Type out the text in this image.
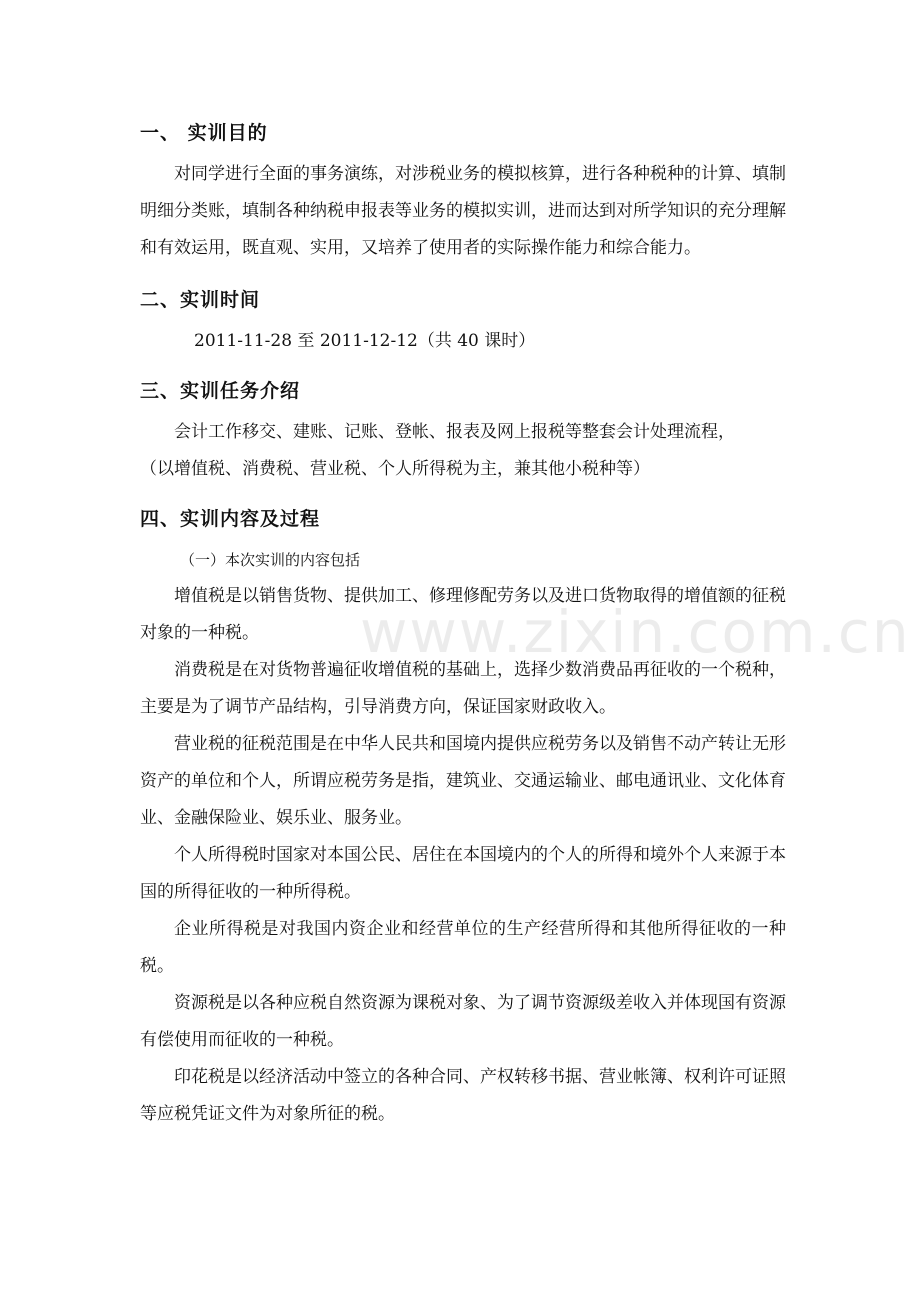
一、 实训目的

对同学进行全面的事务演练，对涉税业务的模拟核算，进行各种税种的计算、填制明细分类账，填制各种纳税申报表等业务的模拟实训，进而达到对所学知识的充分理解和有效运用，既直观、实用，又培养了使用者的实际操作能力和综合能力。

二、实训时间

2011-11-28 至 2011-12-12（共 40 课时）

三、实训任务介绍

会计工作移交、建账、记账、登帐、报表及网上报税等整套会计处理流程，

（以增值税、消费税、营业税、个人所得税为主，兼其他小税种等）

四、实训内容及过程

（一）本次实训的内容包括

增值税是以销售货物、提供加工、修理修配劳务以及进口货物取得的增值额的征税对象的一种税。

消费税是在对货物普遍征收增值税的基础上，选择少数消费品再征收的一个税种，主要是为了调节产品结构，引导消费方向，保证国家财政收入。

营业税的征税范围是在中华人民共和国境内提供应税劳务以及销售不动产转让无形资产的单位和个人，所谓应税劳务是指，建筑业、交通运输业、邮电通讯业、文化体育业、金融保险业、娱乐业、服务业。

个人所得税时国家对本国公民、居住在本国境内的个人的所得和境外个人来源于本国的所得征收的一种所得税。

企业所得税是对我国内资企业和经营单位的生产经营所得和其他所得征收的一种税。

资源税是以各种应税自然资源为课税对象、为了调节资源级差收入并体现国有资源有偿使用而征收的一种税。

印花税是以经济活动中签立的各种合同、产权转移书据、营业帐簿、权利许可证照等应税凭证文件为对象所征的税。

www.zixin.com.cn
